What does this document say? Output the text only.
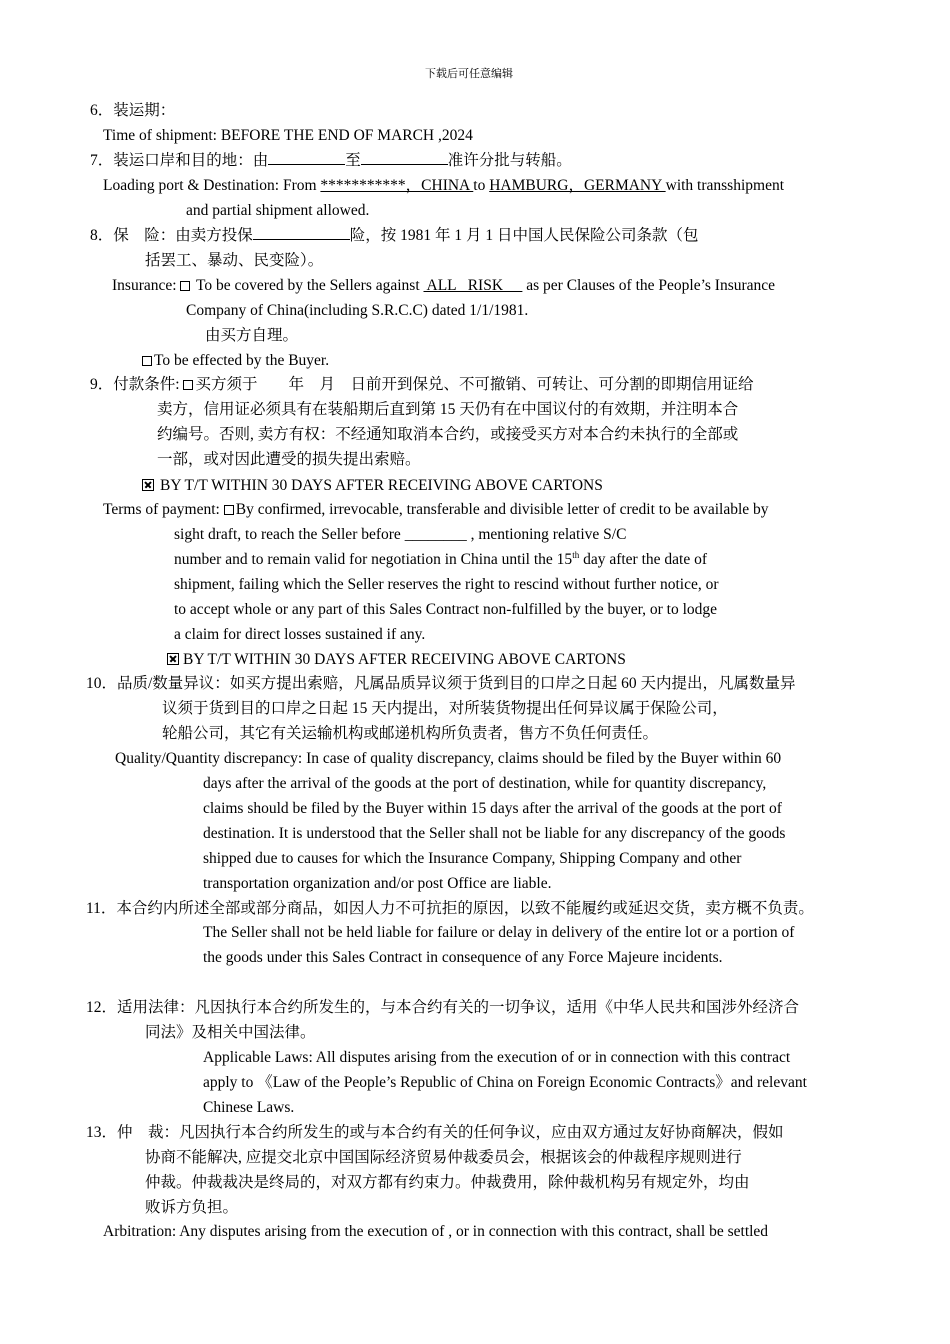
下载后可任意编辑
6．装运期：
Time of shipment: BEFORE THE END OF MARCH ,2024
7．装运口岸和目的地：由	至	准许分批与转船。
Loading port & Destination: From ***********，CHINA to HAMBURG，GERMANY with transshipment
and partial shipment allowed.
8．保　险：由卖方投保	险，按 1981 年 1 月 1 日中国人民保险公司条款（包
括罢工、暴动、民变险）。
Insurance:  To be covered by the Sellers against  ALL   RISK      as per Clauses of the People’s Insurance
Company of China(including S.R.C.C) dated 1/1/1981.
由买方自理。
To be effected by the Buyer.
9．付款条件: 买方须于　　年　月　日前开到保兑、不可撤销、可转让、可分割的即期信用证给
卖方，信用证必须具有在装船期后直到第 15 天仍有在中国议付的有效期，并注明本合
约编号。否则, 卖方有权：不经通知取消本合约，或接受买方对本合约未执行的全部或
一部，或对因此遭受的损失提出索赔。
BY T/T WITHIN 30 DAYS AFTER RECEIVING ABOVE CARTONS
Terms of payment: By confirmed, irrevocable, transferable and divisible letter of credit to be available by
sight draft, to reach the Seller before ________ , mentioning relative S/C
number and to remain valid for negotiation in China until the 15th day after the date of
shipment, failing which the Seller reserves the right to rescind without further notice, or
to accept whole or any part of this Sales Contract non-fulfilled by the buyer, or to lodge
a claim for direct losses sustained if any.
BY T/T WITHIN 30 DAYS AFTER RECEIVING ABOVE CARTONS
10．品质/数量异议：如买方提出索赔，凡属品质异议须于货到目的口岸之日起 60 天内提出，凡属数量异
议须于货到目的口岸之日起 15 天内提出，对所装货物提出任何异议属于保险公司，
轮船公司，其它有关运输机构或邮递机构所负责者，售方不负任何责任。
Quality/Quantity discrepancy: In case of quality discrepancy, claims should be filed by the Buyer within 60
days after the arrival of the goods at the port of destination, while for quantity discrepancy,
claims should be filed by the Buyer within 15 days after the arrival of the goods at the port of
destination. It is understood that the Seller shall not be liable for any discrepancy of the goods
shipped due to causes for which the Insurance Company, Shipping Company and other
transportation organization and/or post Office are liable.
11．本合约内所述全部或部分商品，如因人力不可抗拒的原因，以致不能履约或延迟交货，卖方概不负责。
The Seller shall not be held liable for failure or delay in delivery of the entire lot or a portion of
the goods under this Sales Contract in consequence of any Force Majeure incidents.
12．适用法律：凡因执行本合约所发生的，与本合约有关的一切争议，适用《中华人民共和国涉外经济合
同法》及相关中国法律。
Applicable Laws: All disputes arising from the execution of or in connection with this contract
apply to 《Law of the People’s Republic of China on Foreign Economic Contracts》and relevant
Chinese Laws.
13．仲　裁：凡因执行本合约所发生的或与本合约有关的任何争议，应由双方通过友好协商解决，假如
协商不能解决, 应提交北京中国国际经济贸易仲裁委员会，根据该会的仲裁程序规则进行
仲裁。仲裁裁决是终局的，对双方都有约束力。仲裁费用，除仲裁机构另有规定外，均由
败诉方负担。
Arbitration: Any disputes arising from the execution of , or in connection with this contract, shall be settled
